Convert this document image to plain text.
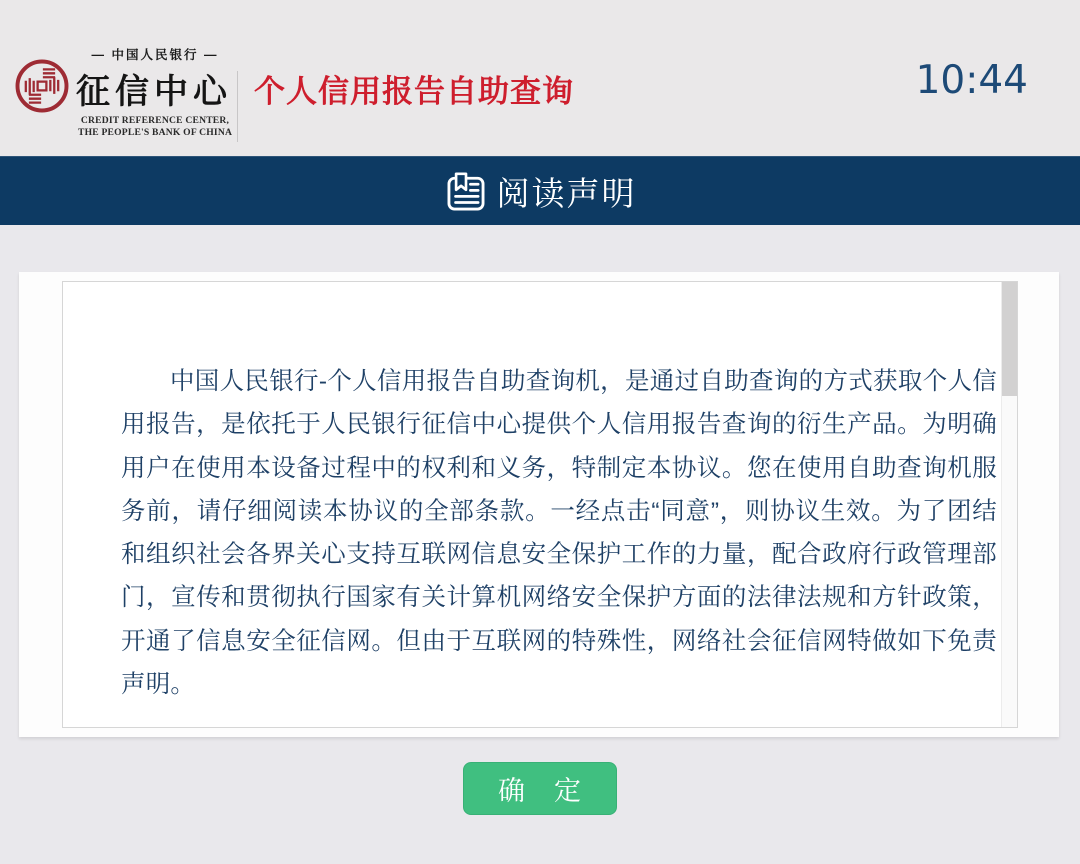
— 中国人民银行 —
征信中心
CREDIT REFERENCE CENTER,
THE PEOPLE'S BANK OF CHINA
个人信用报告自助查询	10:44
阅读声明

中国人民银行-个人信用报告自助查询机，是通过自助查询的方式获取个人信用报告，是依托于人民银行征信中心提供个人信用报告查询的衍生产品。为明确用户在使用本设备过程中的权利和义务，特制定本协议。您在使用自助查询机服务前，请仔细阅读本协议的全部条款。一经点击“同意”，则协议生效。为了团结和组织社会各界关心支持互联网信息安全保护工作的力量，配合政府行政管理部门，宣传和贯彻执行国家有关计算机网络安全保护方面的法律法规和方针政策，开通了信息安全征信网。但由于互联网的特殊性，网络社会征信网特做如下免责声明。

确　定
